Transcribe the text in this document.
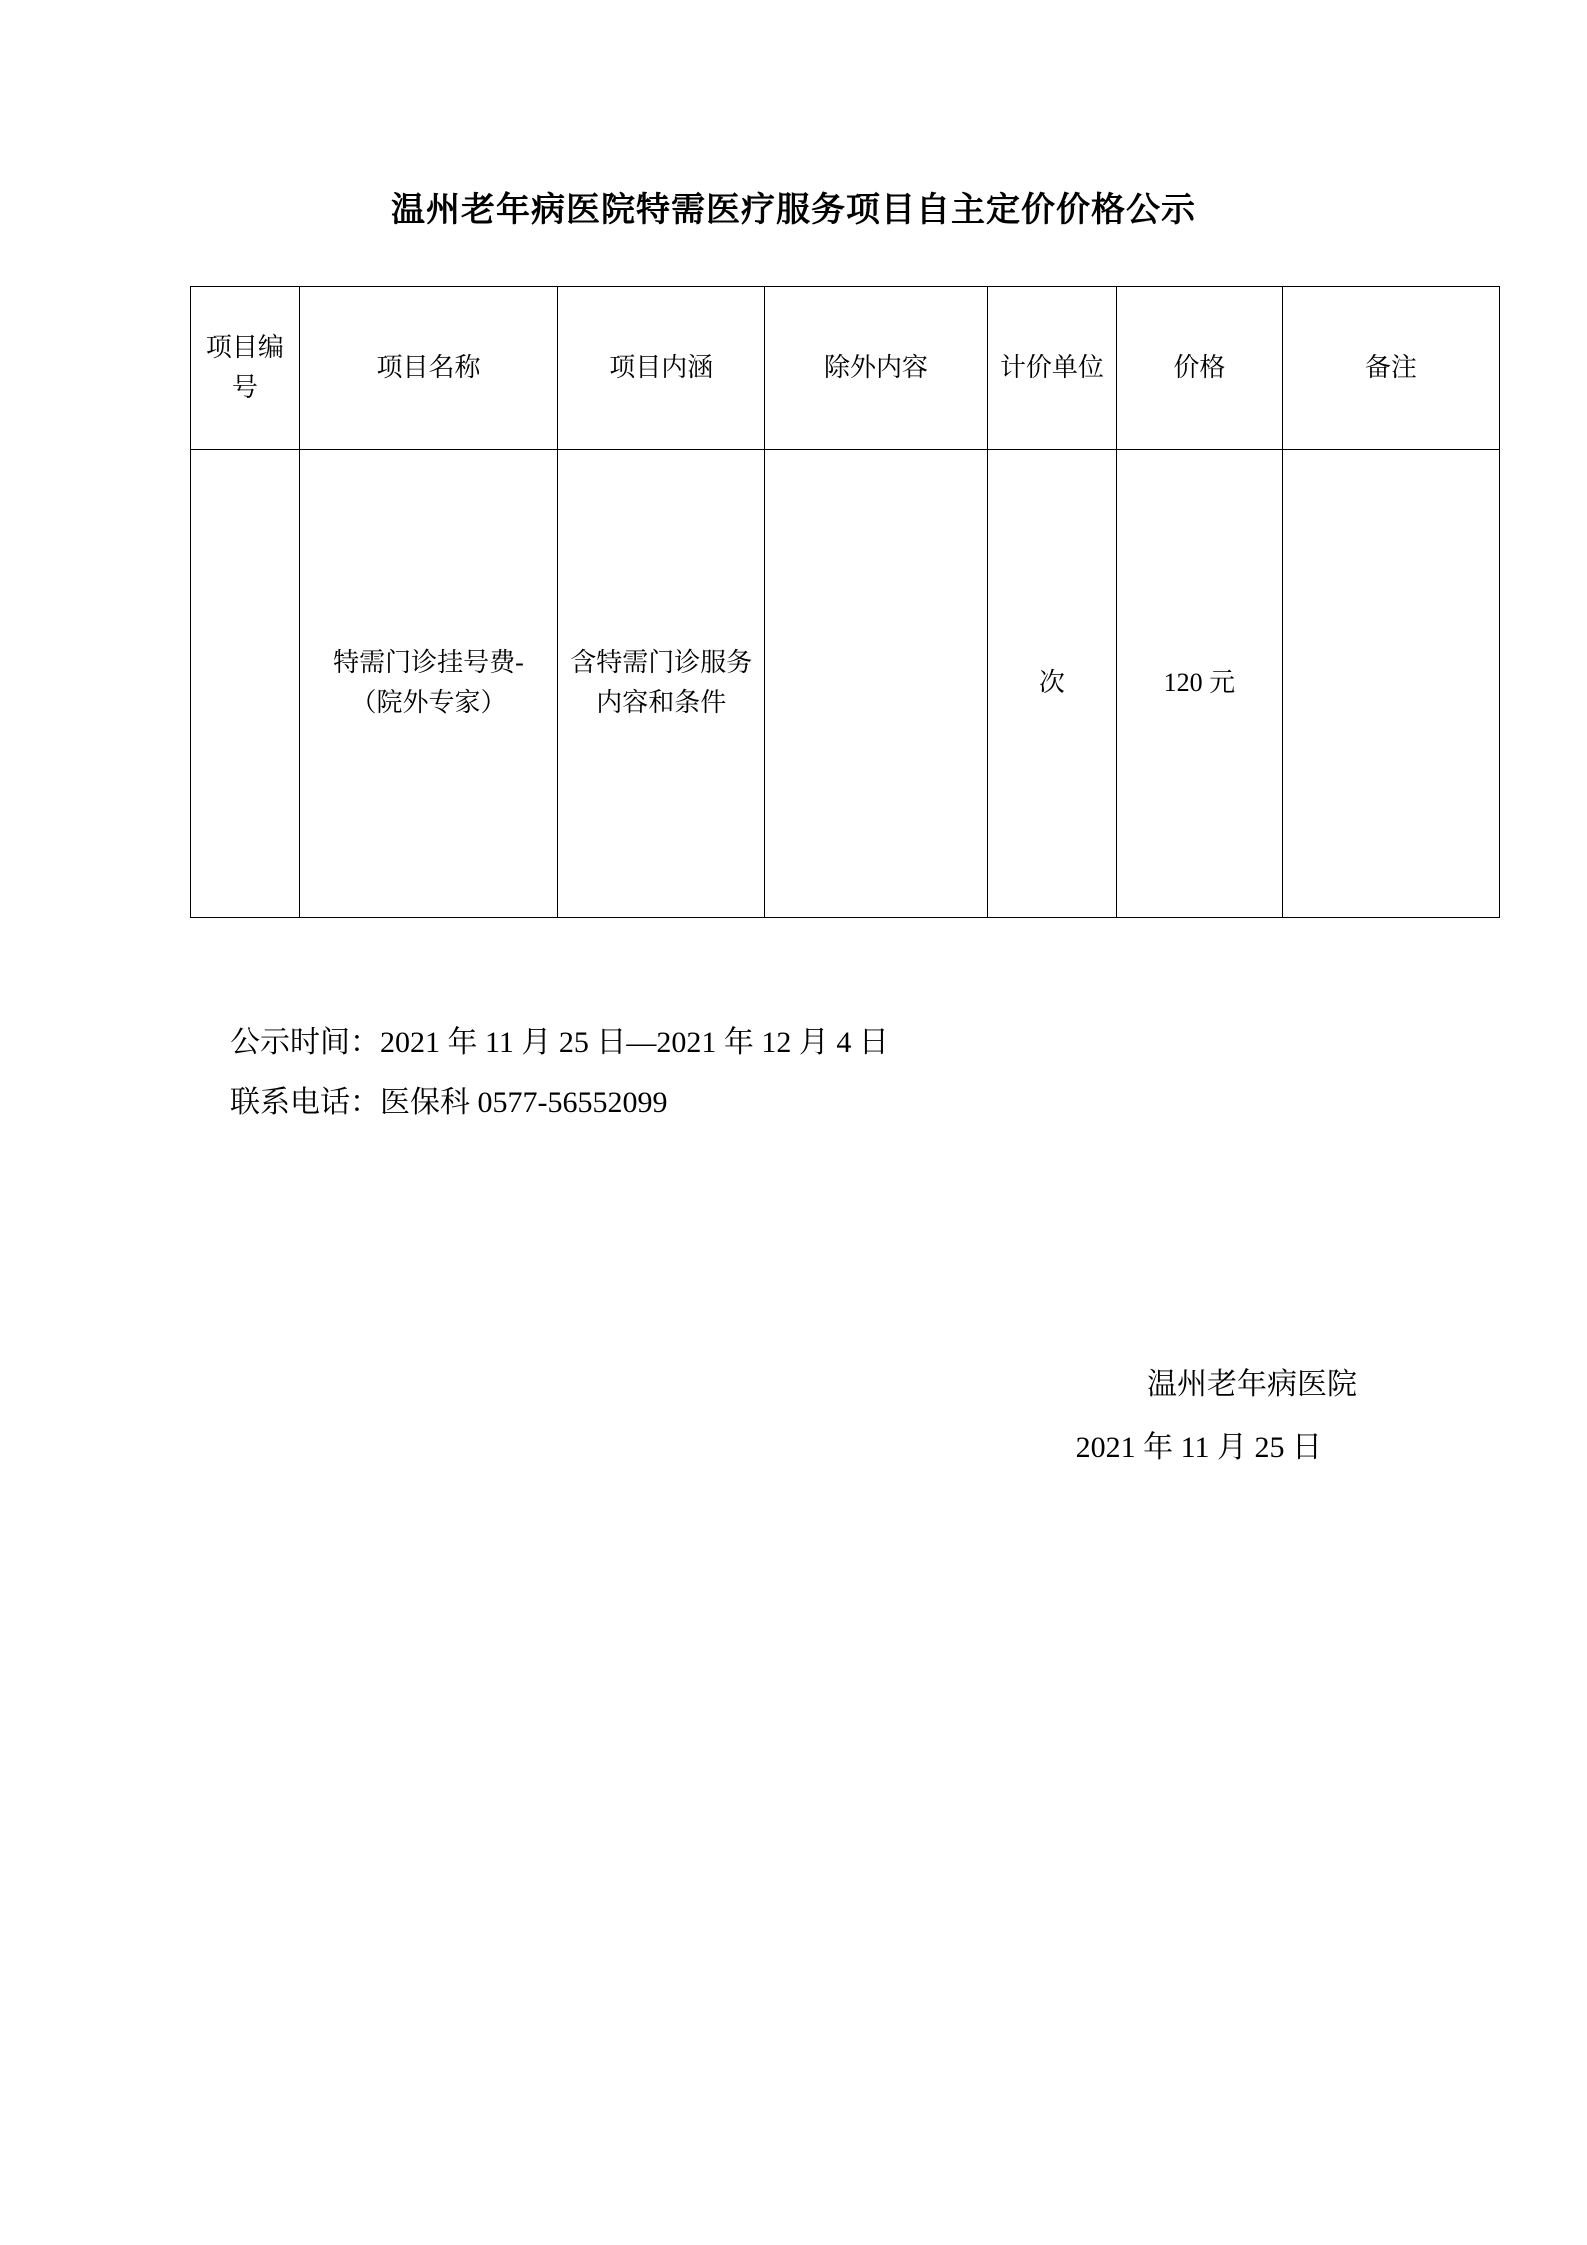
温州老年病医院特需医疗服务项目自主定价价格公示
项目编号	项目名称	项目内涵	除外内容	计价单位	价格	备注
	特需门诊挂号费-（院外专家）	含特需门诊服务内容和条件		次	120 元	
公示时间：2021 年 11 月 25 日—2021 年 12 月 4 日
联系电话：医保科 0577-56552099
温州老年病医院
2021 年 11 月 25 日
